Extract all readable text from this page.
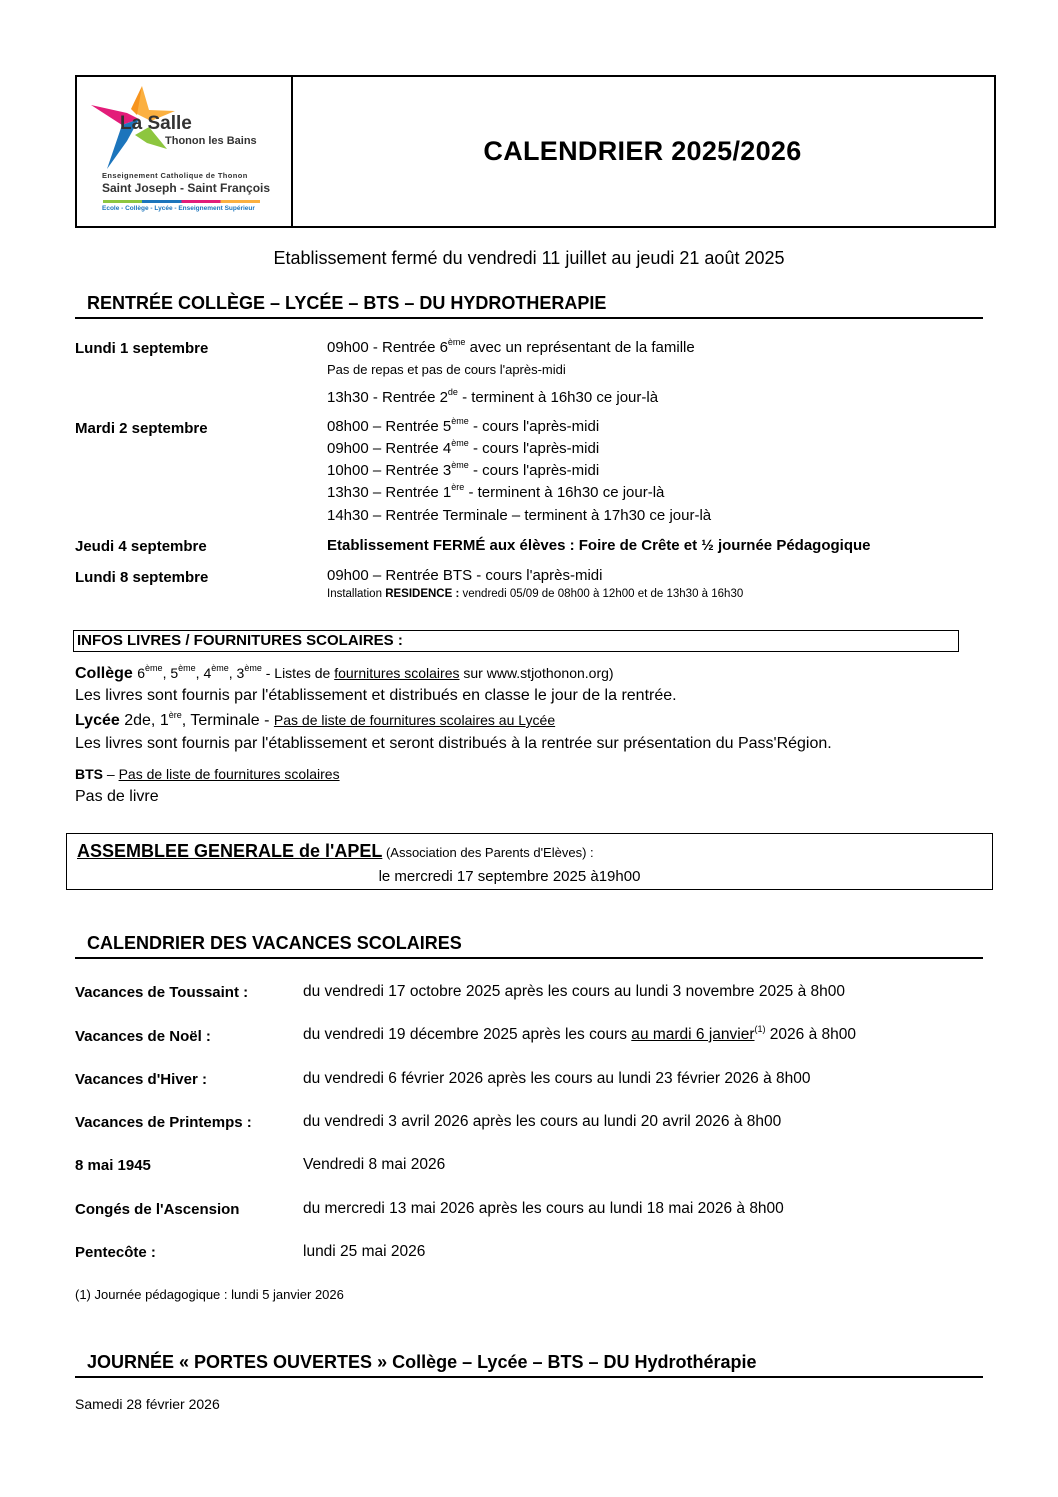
La Salle
Thonon les Bains
Enseignement Catholique de Thonon
Saint Joseph - Saint François
Ecole - Collège - Lycée - Enseignement Supérieur
CALENDRIER 2025/2026
Etablissement fermé du vendredi 11 juillet au jeudi 21 août 2025
RENTRÉE COLLÈGE – LYCÉE – BTS – DU HYDROTHERAPIE
Lundi 1 septembre	09h00 - Rentrée 6ème avec un représentant de la famille
Pas de repas et pas de cours l'après-midi
13h30 - Rentrée 2de - terminent à 16h30 ce jour-là
Mardi 2 septembre	08h00 – Rentrée 5ème - cours l'après-midi
09h00 – Rentrée 4ème - cours l'après-midi
10h00 – Rentrée 3ème - cours l'après-midi
13h30 – Rentrée 1ère - terminent à 16h30 ce jour-là
14h30 – Rentrée Terminale – terminent à 17h30 ce jour-là
Jeudi 4 septembre	Etablissement FERMÉ aux élèves : Foire de Crête et ½ journée Pédagogique
Lundi 8 septembre	09h00 – Rentrée BTS - cours l'après-midi
Installation RESIDENCE : vendredi 05/09 de 08h00 à 12h00 et de 13h30 à 16h30
INFOS LIVRES / FOURNITURES SCOLAIRES :
Collège 6ème, 5ème, 4ème, 3ème - Listes de fournitures scolaires sur www.stjothonon.org)
Les livres sont fournis par l'établissement et distribués en classe le jour de la rentrée.
Lycée 2de, 1ère, Terminale - Pas de liste de fournitures scolaires au Lycée
Les livres sont fournis par l'établissement et seront distribués à la rentrée sur présentation du Pass'Région.
BTS – Pas de liste de fournitures scolaires
Pas de livre
ASSEMBLEE GENERALE de l'APEL (Association des Parents d'Elèves) :
le mercredi 17 septembre 2025 à19h00
CALENDRIER DES VACANCES SCOLAIRES
Vacances de Toussaint :	du vendredi 17 octobre 2025 après les cours au lundi 3 novembre 2025 à 8h00
Vacances de Noël :	du vendredi 19 décembre 2025 après les cours au mardi 6 janvier$^{(1)}$ 2026 à 8h00
Vacances d'Hiver :	du vendredi 6 février 2026 après les cours au lundi 23 février 2026 à 8h00
Vacances de Printemps :	du vendredi 3 avril 2026 après les cours au lundi 20 avril 2026 à 8h00
8 mai 1945	Vendredi 8 mai 2026
Congés de l'Ascension	du mercredi 13 mai 2026 après les cours au lundi 18 mai 2026 à 8h00
Pentecôte :	lundi 25 mai 2026
(1) Journée pédagogique : lundi 5 janvier 2026
JOURNÉE « PORTES OUVERTES » Collège – Lycée – BTS – DU Hydrothérapie
Samedi 28 février 2026
